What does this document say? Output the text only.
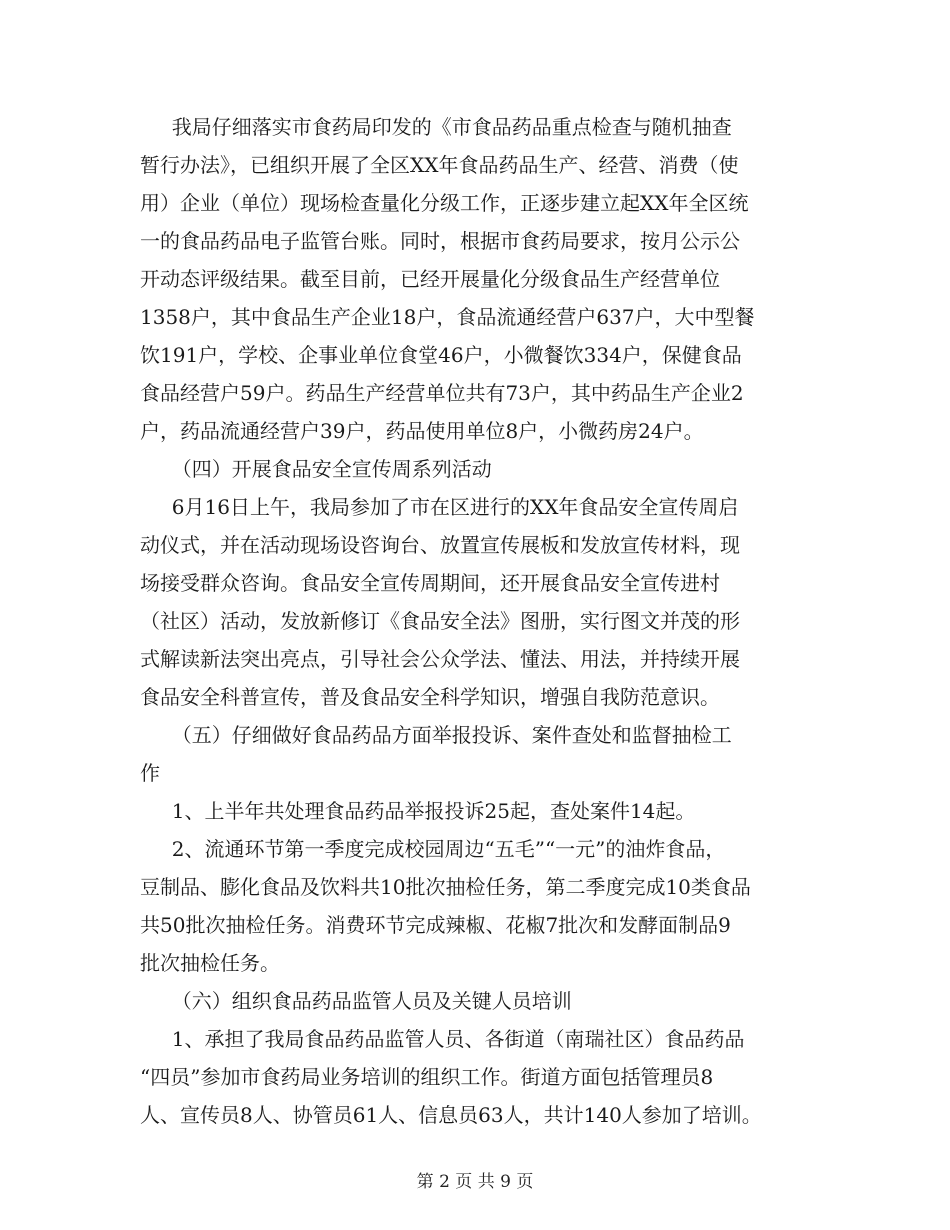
我局仔细落实市食药局印发的《市食品药品重点检查与随机抽查
暂行办法》，已组织开展了全区XX年食品药品生产、经营、消费（使
用）企业（单位）现场检查量化分级工作，正逐步建立起XX年全区统
一的食品药品电子监管台账。同时，根据市食药局要求，按月公示公
开动态评级结果。截至目前，已经开展量化分级食品生产经营单位
1358户，其中食品生产企业18户，食品流通经营户637户，大中型餐
饮191户，学校、企事业单位食堂46户，小微餐饮334户，保健食品
食品经营户59户。药品生产经营单位共有73户，其中药品生产企业2
户，药品流通经营户39户，药品使用单位8户，小微药房24户。
（四）开展食品安全宣传周系列活动
6月16日上午，我局参加了市在区进行的XX年食品安全宣传周启
动仪式，并在活动现场设咨询台、放置宣传展板和发放宣传材料，现
场接受群众咨询。食品安全宣传周期间，还开展食品安全宣传进村
（社区）活动，发放新修订《食品安全法》图册，实行图文并茂的形
式解读新法突出亮点，引导社会公众学法、懂法、用法，并持续开展
食品安全科普宣传，普及食品安全科学知识，增强自我防范意识。
（五）仔细做好食品药品方面举报投诉、案件查处和监督抽检工
作
1、上半年共处理食品药品举报投诉25起，查处案件14起。
2、流通环节第一季度完成校园周边“五毛”“一元”的油炸食品，
豆制品、膨化食品及饮料共10批次抽检任务，第二季度完成10类食品
共50批次抽检任务。消费环节完成辣椒、花椒7批次和发酵面制品9
批次抽检任务。
（六）组织食品药品监管人员及关键人员培训
1、承担了我局食品药品监管人员、各街道（南瑞社区）食品药品
“四员”参加市食药局业务培训的组织工作。街道方面包括管理员8
人、宣传员8人、协管员61人、信息员63人，共计140人参加了培训。
第 2 页 共 9 页
